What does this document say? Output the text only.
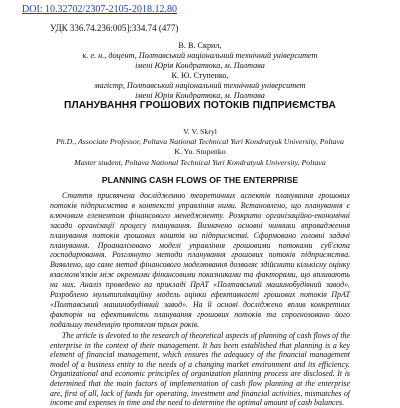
DOI: 10.32702/2307-2105-2018.12.80
УДК 336.74.236:005]:334.74 (477)
В. В. Скрил,
к. е. н., доцент, Полтавський національний технічний університет
імені Юрія Кондратюка, м. Полтава
К. Ю. Ступенко,
магістр, Полтавський національний технічний університет
імені Юрія Кондратюка, м. Полтава
ПЛАНУВАННЯ ГРОШОВИХ ПОТОКІВ ПІДПРИЄМСТВА
V. V. Skryl
Ph.D., Associate Professor, Poltava National Technical Yuri Kondratyuk University, Poltava
K. Yu. Stupenko
Master student, Poltava National Technical Yuri Kondratyuk University, Poltava
PLANNING CASH FLOWS OF THE ENTERPRISE
Стаття присвячена дослідженню теоретичних аспектів планування грошових потоків підприємства в контексті управління ними. Встановлено, що планування є ключовим елементом фінансового менеджменту. Розкрито організаційно-економічні засади організації процесу планування. Визначено основні чинники впровадження планування потоків грошових коштів на підприємстві. Сформовано головні задачі планування. Проаналізовано моделі управління грошовими потоками суб'єкта господарювання. Розглянуто методи планування грошових потоків підприємства. Виявлено, що саме метод фінансового моделювання дозволяє здійснити кількісну оцінку взаємозв'язків між окремими фінансовими показниками та факторами, що впливають на них. Аналіз проведено на прикладі ПрАТ «Полтавський машинобудівний завод». Розроблено мультиплікаційну модель оцінки ефективності грошових потоків ПрАТ «Полтавський машинобудівний завод». На її основі досліджено вплив конкретних факторів на ефективність планування грошових потоків та спрогнозовано його подальшу тенденцію протягом трьох років.
The article is devoted to the research of theoretical aspects of planning of cash flows of the enterprise in the context of their management. It has been established that planning is a key element of financial management, which ensures the adequacy of the financial management model of a business entity to the needs of a changing market environment and its efficiency. Organizational and economic principles of organization planning process are disclosed. It is determined that the main factors of implementation of cash flow planning at the enterprise are, first of all, lack of funds for operating, investment and financial activities, mismatches of income and expenses in time and the need to determine the optimal amount of cash balances.
